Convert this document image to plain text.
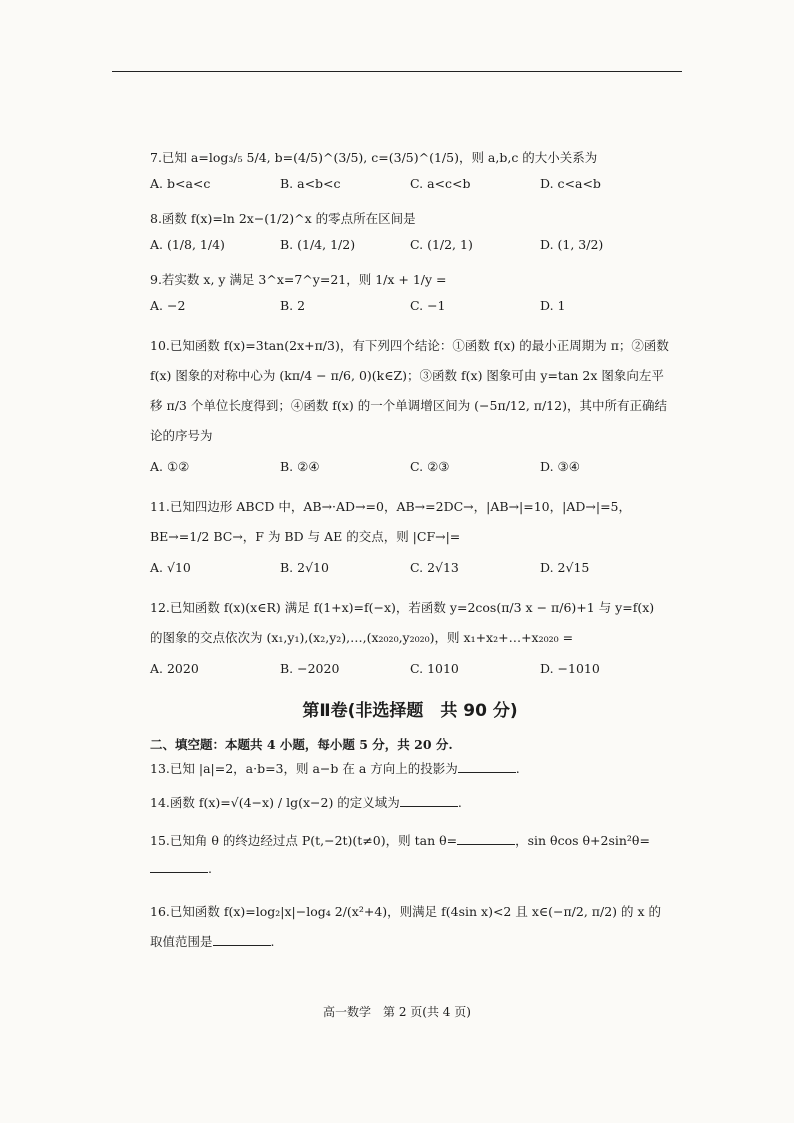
7.已知 a=log₃/₅ 5/4, b=(4/5)^(3/5), c=(3/5)^(1/5)，则 a,b,c 的大小关系为
A. b<a<c	B. a<b<c	C. a<c<b	D. c<a<b
8.函数 f(x)=ln 2x−(1/2)^x 的零点所在区间是
A. (1/8, 1/4)	B. (1/4, 1/2)	C. (1/2, 1)	D. (1, 3/2)
9.若实数 x, y 满足 3^x=7^y=21，则 1/x + 1/y =
A. −2	B. 2	C. −1	D. 1
10.已知函数 f(x)=3tan(2x+π/3)，有下列四个结论：①函数 f(x) 的最小正周期为 π；②函数 f(x) 图象的对称中心为 (kπ/4 − π/6, 0)(k∈Z)；③函数 f(x) 图象可由 y=tan 2x 图象向左平移 π/3 个单位长度得到；④函数 f(x) 的一个单调增区间为 (−5π/12, π/12)，其中所有正确结论的序号为
A. ①②	B. ②④	C. ②③	D. ③④
11.已知四边形 ABCD 中，AB→·AD→=0，AB→=2DC→，|AB→|=10，|AD→|=5，BE→=1/2 BC→，F 为 BD 与 AE 的交点，则 |CF→|=
A. √10	B. 2√10	C. 2√13	D. 2√15
12.已知函数 f(x)(x∈R) 满足 f(1+x)=f(−x)，若函数 y=2cos(π/3 x − π/6)+1 与 y=f(x) 的图象的交点依次为 (x₁,y₁),(x₂,y₂),…,(x₂₀₂₀,y₂₀₂₀)，则 x₁+x₂+…+x₂₀₂₀ =
A. 2020	B. −2020	C. 1010	D. −1010
第Ⅱ卷(非选择题　共 90 分)
二、填空题：本题共 4 小题，每小题 5 分，共 20 分.
13.已知 |a|=2，a·b=3，则 a−b 在 a 方向上的投影为	.
14.函数 f(x)=√(4−x) / lg(x−2) 的定义域为	.
15.已知角 θ 的终边经过点 P(t,−2t)(t≠0)，则 tan θ=	，sin θcos θ+2sin²θ=.
16.已知函数 f(x)=log₂|x|−log₄ 2/(x²+4)，则满足 f(4sin x)<2 且 x∈(−π/2, π/2) 的 x 的取值范围是	.
高一数学　第 2 页(共 4 页)
